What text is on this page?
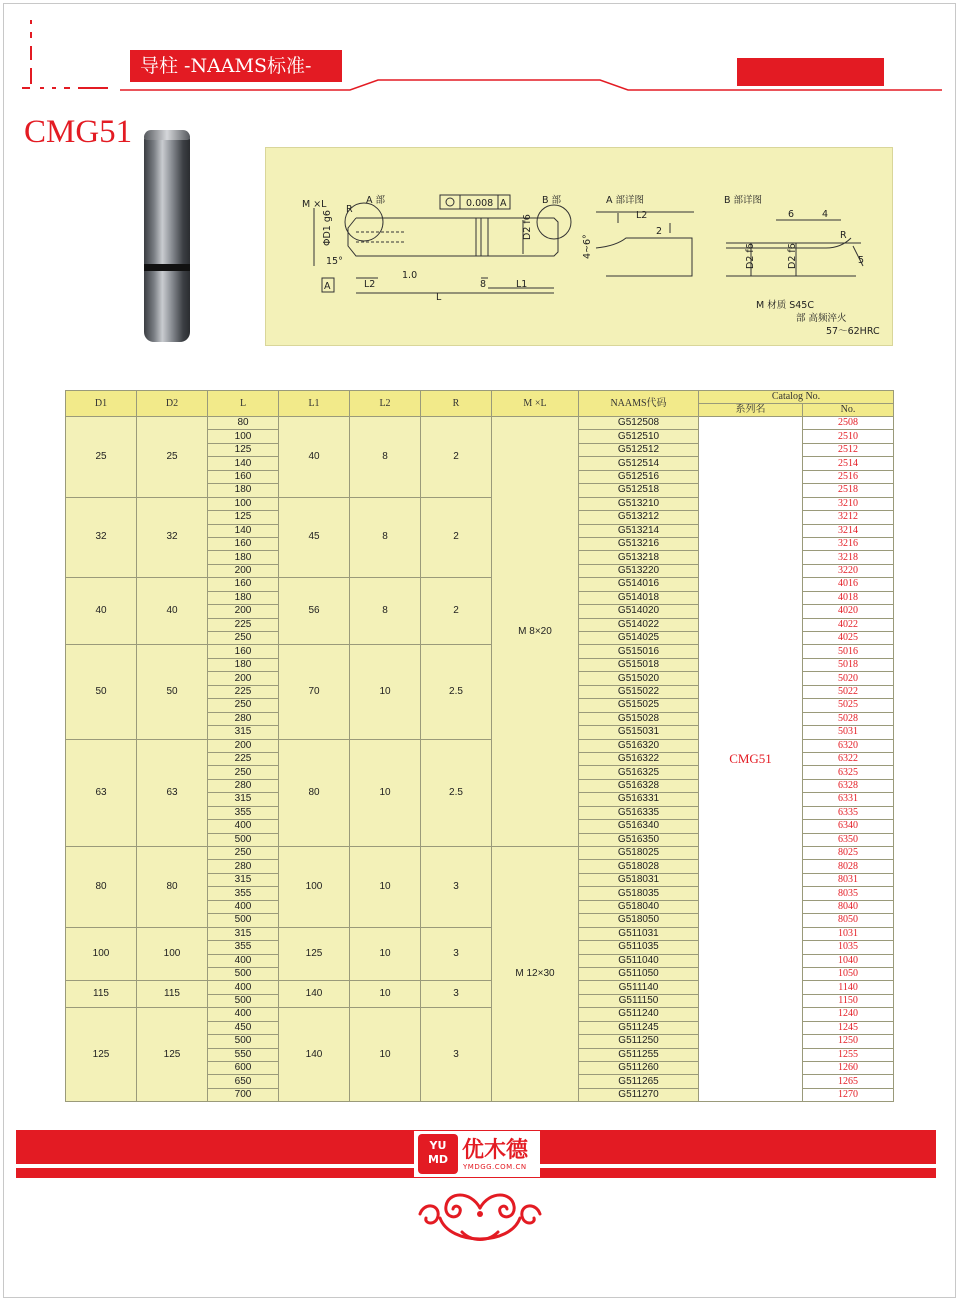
导柱 -NAAMS标准-
CMG51
M ×L R
A 部	0.008 A	B 部
ΦD1 g6	D2 f6
15°
1.0
L2
L
8	L1
A
A 部详图	B 部详图
L2
2
4~6°
6	4
R
5
D2 f6	D2 f6
M 材质 S45C
部 高频淬火
57～62HRC
D1	D2	L	L1	L2	R	M ×L	NAAMS代码	Catalog No.	
								系列名	No.
25	25	80	40	8	2	M 8×20	G512508	CMG51	2508
		100					G512510		2510
		125					G512512		2512
		140					G512514		2514
		160					G512516		2516
		180					G512518		2518
32	32	100	45	8	2		G513210		3210
		125					G513212		3212
		140					G513214		3214
		160					G513216		3216
		180					G513218		3218
		200					G513220		3220
40	40	160	56	8	2		G514016		4016
		180					G514018		4018
		200					G514020		4020
		225					G514022		4022
		250					G514025		4025
50	50	160	70	10	2.5		G515016		5016
		180					G515018		5018
		200					G515020		5020
		225					G515022		5022
		250					G515025		5025
		280					G515028		5028
		315					G515031		5031
63	63	200	80	10	2.5		G516320		6320
		225					G516322		6322
		250					G516325		6325
		280					G516328		6328
		315					G516331		6331
		355					G516335		6335
		400					G516340		6340
		500					G516350		6350
80	80	250	100	10	3	M 12×30	G518025		8025
		280					G518028		8028
		315					G518031		8031
		355					G518035		8035
		400					G518040		8040
		500					G518050		8050
100	100	315	125	10	3		G511031		1031
		355					G511035		1035
		400					G511040		1040
		500					G511050		1050
115	115	400	140	10	3		G511140		1140
		500					G511150		1150
125	125	400	140	10	3		G511240		1240
		450					G511245		1245
		500					G511250		1250
		550					G511255		1255
		600					G511260		1260
		650					G511265		1265
		700					G511270		1270
YU
MD 优木德
YMDGG.COM.CN
